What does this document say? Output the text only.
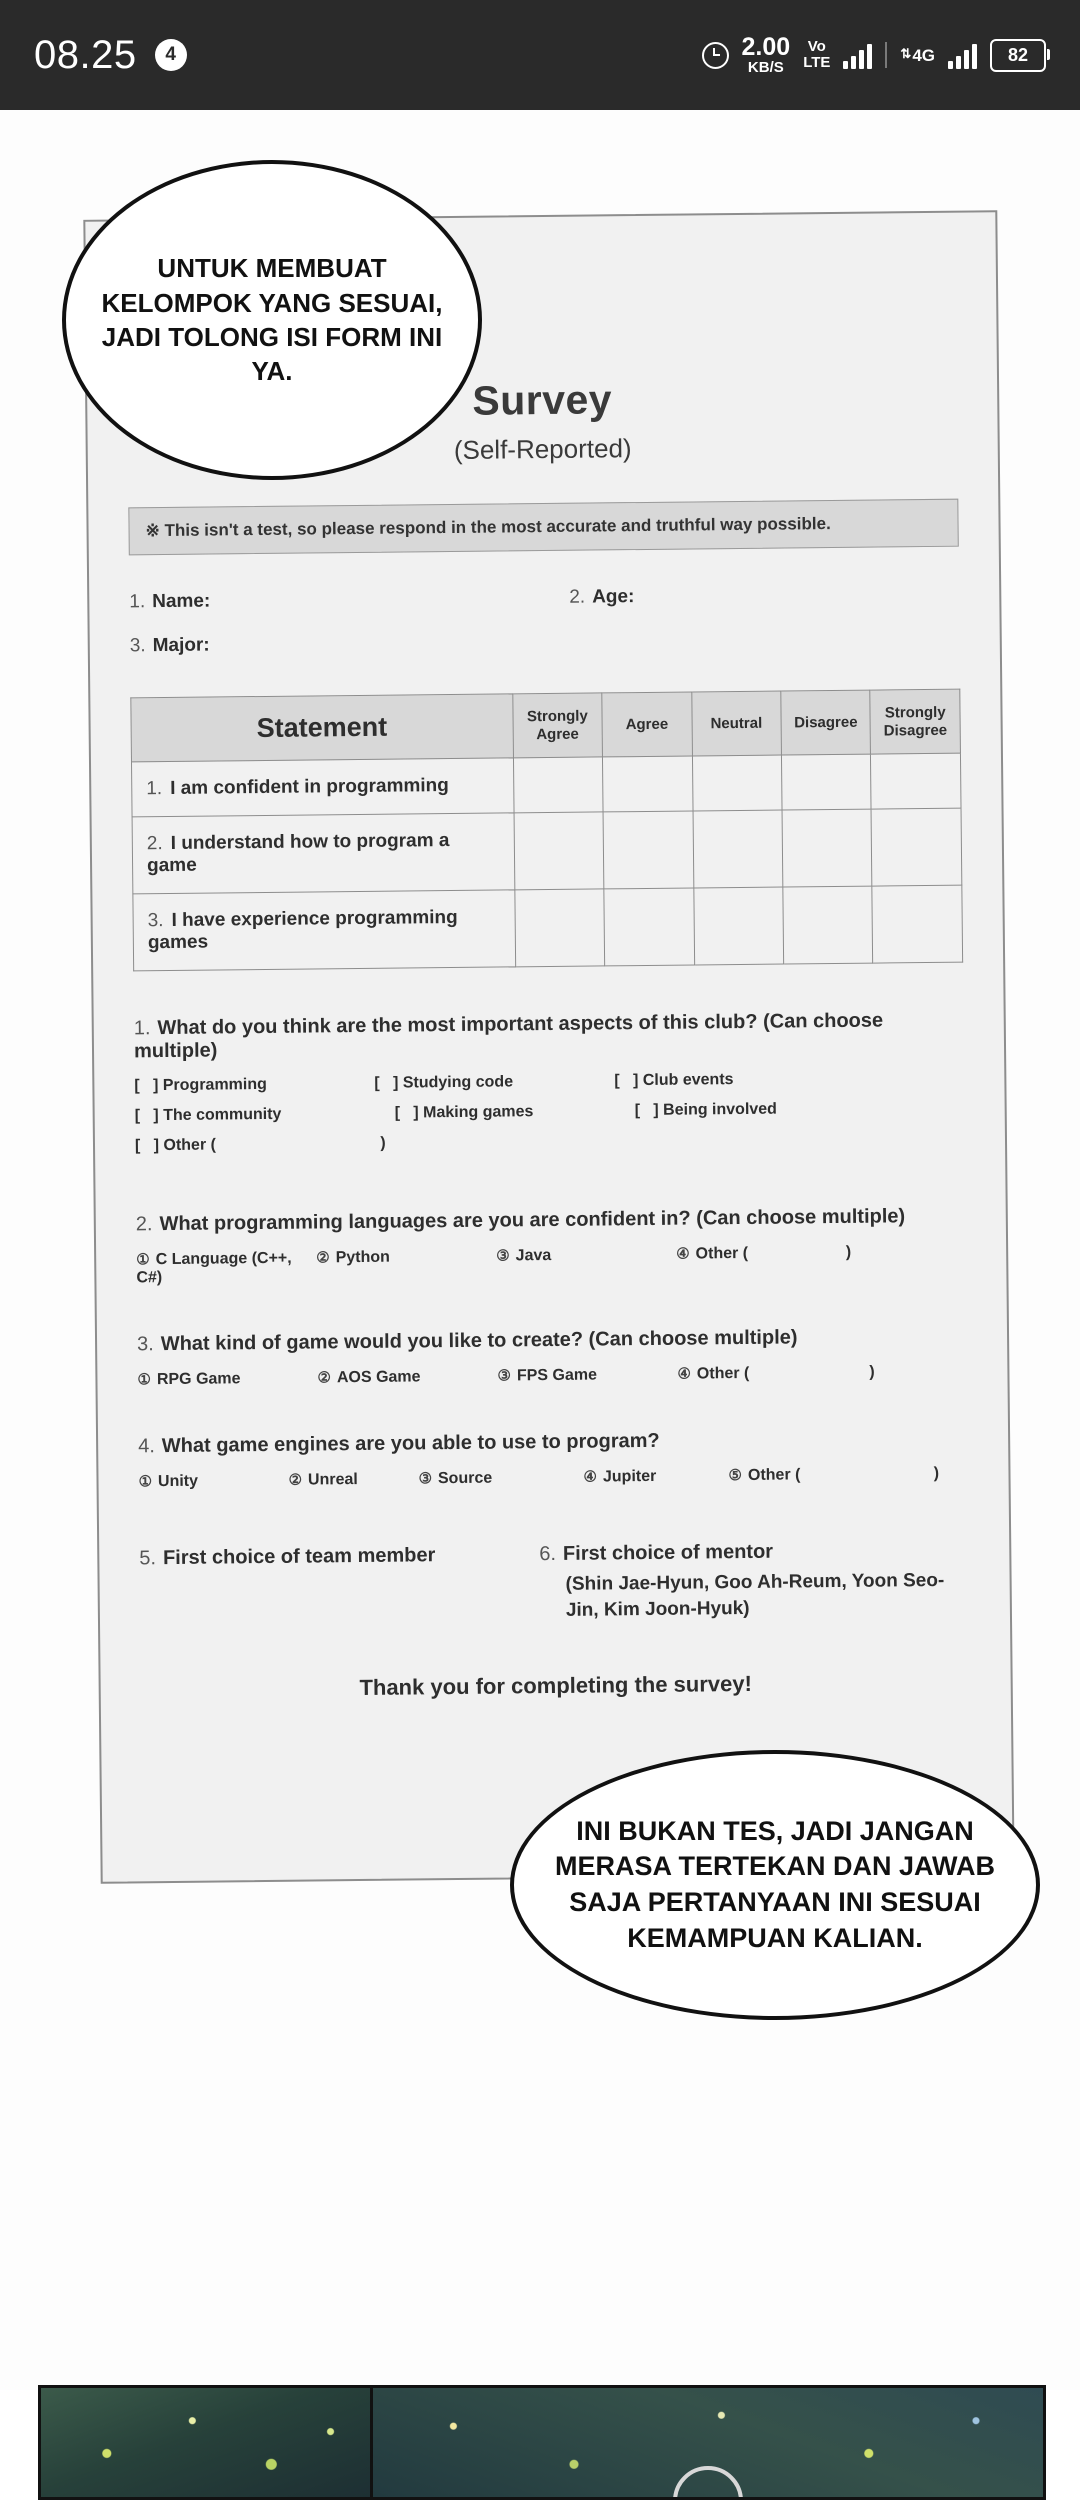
08.25	4	2.00
KB/S
Vo
LTE
⇅ 4G	82
Survey
(Self-Reported)
※ This isn't a test, so please respond in the most accurate and truthful way possible.
1. Name:	2. Age:
3. Major:
Statement	Strongly Agree	Agree	Neutral	Disagree	Strongly Disagree
1. I am confident in programming					
2. I understand how to program a game					
3. I have experience programming games					
1. What do you think are the most important aspects of this club? (Can choose multiple)
[   ] Programming	[   ] Studying code	[   ] Club events
[   ] The community	[   ] Making games	[   ] Being involved
[   ] Other (                                     )
2. What programming languages are you are confident in? (Can choose multiple)
① C Language (C++, C#)
② Python	③ Java	④ Other (                      )
3. What kind of game would you like to create? (Can choose multiple)
① RPG Game	② AOS Game	③ FPS Game	④ Other (                           )
4. What game engines are you able to use to program?
① Unity	② Unreal	③ Source	④ Jupiter	⑤ Other (                              )
5. First choice of team member	6. First choice of mentor
(Shin Jae-Hyun, Goo Ah-Reum, Yoon Seo-Jin, Kim Joon-Hyuk)
Thank you for completing the survey!
UNTUK MEMBUAT KELOMPOK YANG SESUAI, JADI TOLONG ISI FORM INI YA.
INI BUKAN TES, JADI JANGAN MERASA TERTEKAN DAN JAWAB SAJA PERTANYAAN INI SESUAI KEMAMPUAN KALIAN.
